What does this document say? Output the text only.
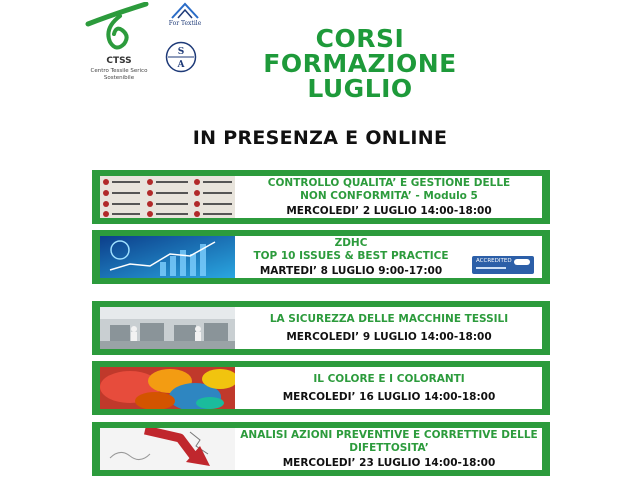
CTSS
Centro Tessile Serico Sostenibile
For Textile
S
A
CORSI
FORMAZIONE
LUGLIO
IN PRESENZA E ONLINE
CONTROLLO QUALITA’ E GESTIONE DELLE
NON CONFORMITA’ - Modulo 5
MERCOLEDI’ 2 LUGLIO 14:00-18:00
ZDHC
TOP 10 ISSUES & BEST PRACTICE
MARTEDI’ 8 LUGLIO 9:00-17:00
ACCREDITED
LA SICUREZZA DELLE MACCHINE TESSILI
MERCOLEDI’ 9 LUGLIO 14:00-18:00
IL COLORE E I COLORANTI
MERCOLEDI’ 16 LUGLIO 14:00-18:00
ANALISI AZIONI PREVENTIVE E CORRETTIVE DELLE
DIFETTOSITA’
MERCOLEDI’ 23 LUGLIO 14:00-18:00
